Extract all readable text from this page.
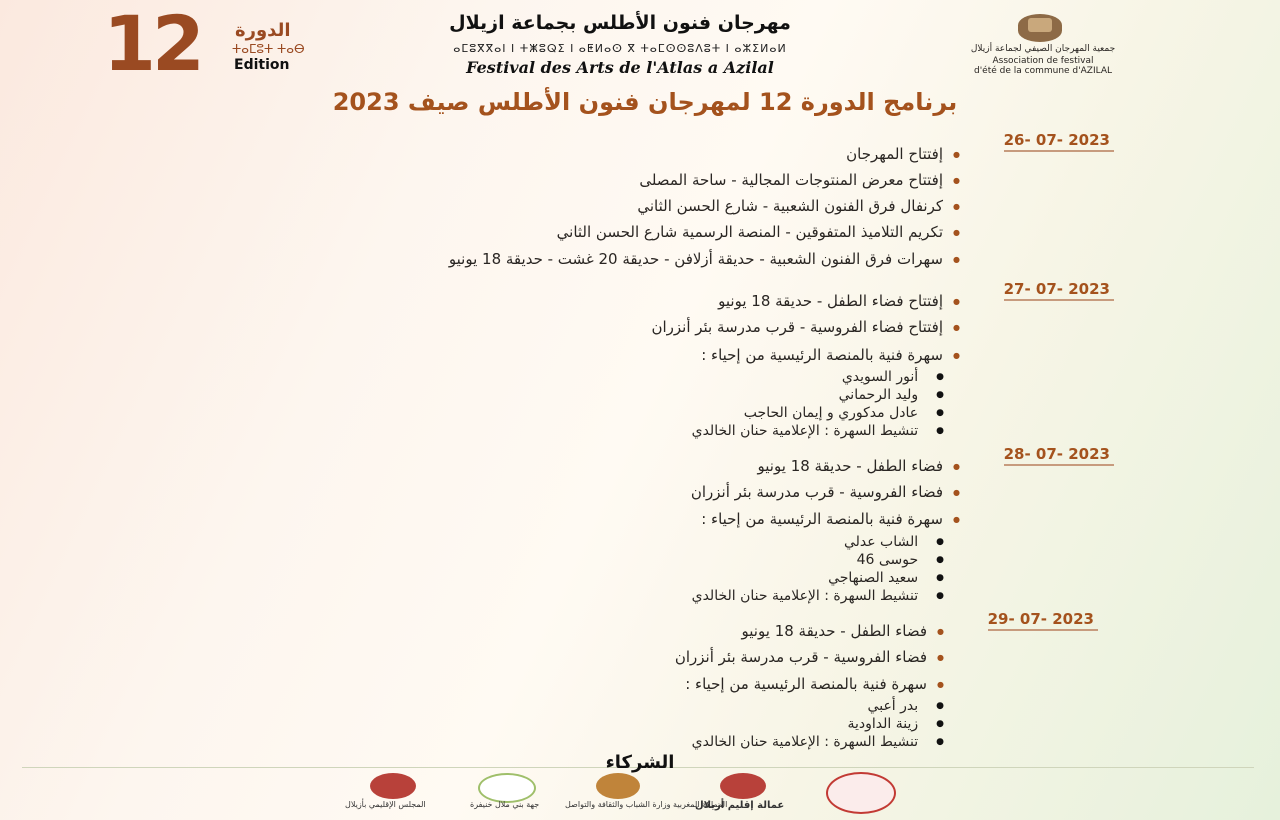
12	الدورة
ⵜⴰⵎⵓⵜ ⵜⴰⴱ
Edition
مهرجان فنون الأطلس بجماعة ازيلال
ⴰⵎⵓⴳⴳⴰⵏ ⵏ ⵜⵥⵓⵕⵉ ⵏ ⴰⵟⵍⴰⵙ ⴳ ⵜⴰⵎⵙⵙⵓⴷⵓⵜ ⵏ ⴰⵣⵉⵍⴰⵍ
Festival des Arts de l'Atlas a Azilal
جمعية المهرجان الصيفي لجماعة أزيلال
Association de festival
d'été de la commune d'AZILAL
برنامج الدورة 12 لمهرجان فنون الأطلس صيف 2023
26- 07- 2023
● إفتتاح المهرجان
● إفتتاح معرض المنتوجات المجالية - ساحة المصلى
● كرنفال فرق الفنون الشعبية - شارع الحسن الثاني
● تكريم التلاميذ المتفوقين - المنصة الرسمية شارع الحسن الثاني
● سهرات فرق الفنون الشعبية - حديقة أزلافن - حديقة 20 غشت - حديقة 18 يونيو
27- 07- 2023
● إفتتاح فضاء الطفل - حديقة 18 يونيو
● إفتتاح فضاء الفروسية - قرب مدرسة بئر أنزران
● سهرة فنية بالمنصة الرئيسية من إحياء :
● أنور السويدي
● وليد الرحماني
● عادل مدكوري و إيمان الحاجب
● تنشيط السهرة : الإعلامية حنان الخالدي
28- 07- 2023
● فضاء الطفل - حديقة 18 يونيو
● فضاء الفروسية - قرب مدرسة بئر أنزران
● سهرة فنية بالمنصة الرئيسية من إحياء :
● الشاب عدلي
● حوسى 46
● سعيد الصنهاجي
● تنشيط السهرة : الإعلامية حنان الخالدي
29- 07- 2023
● فضاء الطفل - حديقة 18 يونيو
● فضاء الفروسية - قرب مدرسة بئر أنزران
● سهرة فنية بالمنصة الرئيسية من إحياء :
● بدر أعبي
● زينة الداودية
● تنشيط السهرة : الإعلامية حنان الخالدي
الشركاء
المجلس الإقليمي بأزيلال	جهة بني ملال خنيفرة	المملكة المغربية وزارة الشباب والثقافة والتواصل
عمالة إقليم أزيلال
